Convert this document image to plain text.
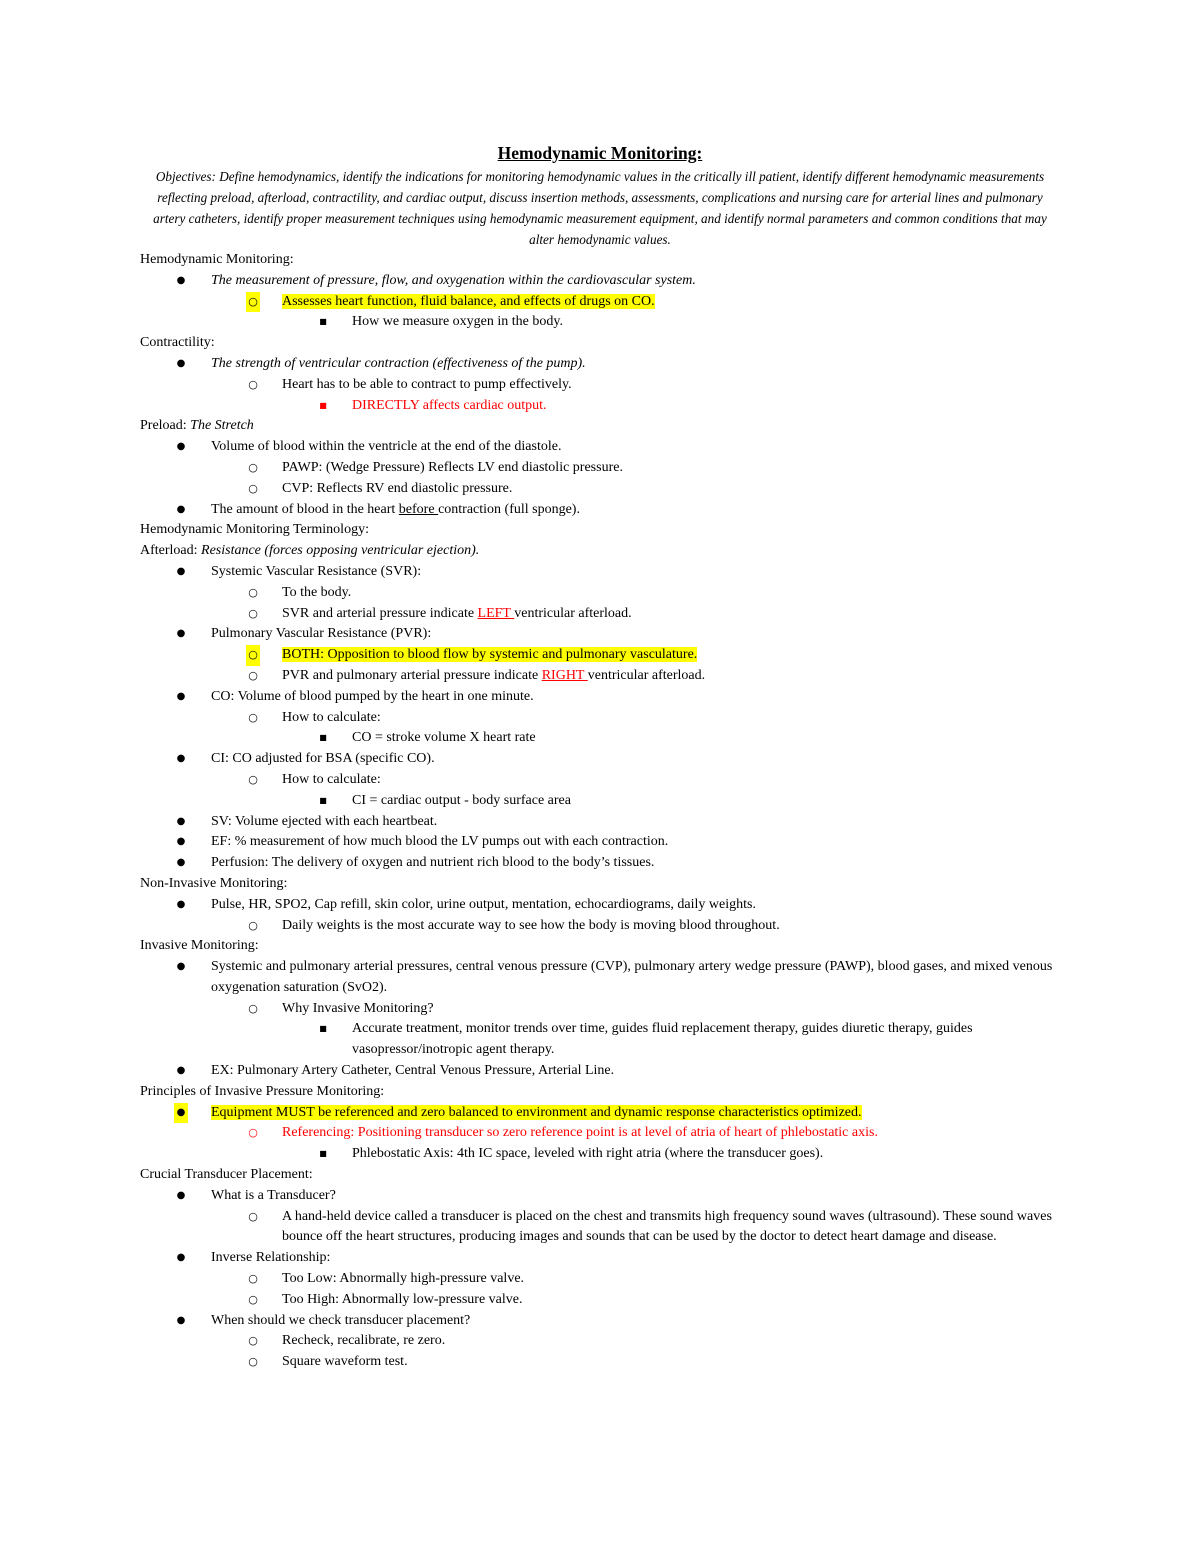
Hemodynamic Monitoring:
Objectives: Define hemodynamics, identify the indications for monitoring hemodynamic values in the critically ill patient, identify different hemodynamic measurements reflecting preload, afterload, contractility, and cardiac output, discuss insertion methods, assessments, complications and nursing care for arterial lines and pulmonary artery catheters, identify proper measurement techniques using hemodynamic measurement equipment, and identify normal parameters and common conditions that may alter hemodynamic values.
Hemodynamic Monitoring:
● The measurement of pressure, flow, and oxygenation within the cardiovascular system.
○ Assesses heart function, fluid balance, and effects of drugs on CO.
■ How we measure oxygen in the body.
Contractility:
● The strength of ventricular contraction (effectiveness of the pump).
○ Heart has to be able to contract to pump effectively.
■ DIRECTLY affects cardiac output.
Preload: The Stretch
● Volume of blood within the ventricle at the end of the diastole.
○ PAWP: (Wedge Pressure) Reflects LV end diastolic pressure.
○ CVP: Reflects RV end diastolic pressure.
● The amount of blood in the heart before contraction (full sponge).
Hemodynamic Monitoring Terminology:
Afterload: Resistance (forces opposing ventricular ejection).
● Systemic Vascular Resistance (SVR):
○ To the body.
○ SVR and arterial pressure indicate LEFT ventricular afterload.
● Pulmonary Vascular Resistance (PVR):
○ BOTH: Opposition to blood flow by systemic and pulmonary vasculature.
○ PVR and pulmonary arterial pressure indicate RIGHT ventricular afterload.
● CO: Volume of blood pumped by the heart in one minute.
○ How to calculate:
■ CO = stroke volume X heart rate
● CI: CO adjusted for BSA (specific CO).
○ How to calculate:
■ CI = cardiac output - body surface area
● SV: Volume ejected with each heartbeat.
● EF: % measurement of how much blood the LV pumps out with each contraction.
● Perfusion: The delivery of oxygen and nutrient rich blood to the body’s tissues.
Non-Invasive Monitoring:
● Pulse, HR, SPO2, Cap refill, skin color, urine output, mentation, echocardiograms, daily weights.
○ Daily weights is the most accurate way to see how the body is moving blood throughout.
Invasive Monitoring:
● Systemic and pulmonary arterial pressures, central venous pressure (CVP), pulmonary artery wedge pressure (PAWP), blood gases, and mixed venous oxygenation saturation (SvO2).
○ Why Invasive Monitoring?
■ Accurate treatment, monitor trends over time, guides fluid replacement therapy, guides diuretic therapy, guides vasopressor/inotropic agent therapy.
● EX: Pulmonary Artery Catheter, Central Venous Pressure, Arterial Line.
Principles of Invasive Pressure Monitoring:
● Equipment MUST be referenced and zero balanced to environment and dynamic response characteristics optimized.
○ Referencing: Positioning transducer so zero reference point is at level of atria of heart of phlebostatic axis.
■ Phlebostatic Axis: 4th IC space, leveled with right atria (where the transducer goes).
Crucial Transducer Placement:
● What is a Transducer?
○ A hand-held device called a transducer is placed on the chest and transmits high frequency sound waves (ultrasound). These sound waves bounce off the heart structures, producing images and sounds that can be used by the doctor to detect heart damage and disease.
● Inverse Relationship:
○ Too Low: Abnormally high-pressure valve.
○ Too High: Abnormally low-pressure valve.
● When should we check transducer placement?
○ Recheck, recalibrate, re zero.
○ Square waveform test.
